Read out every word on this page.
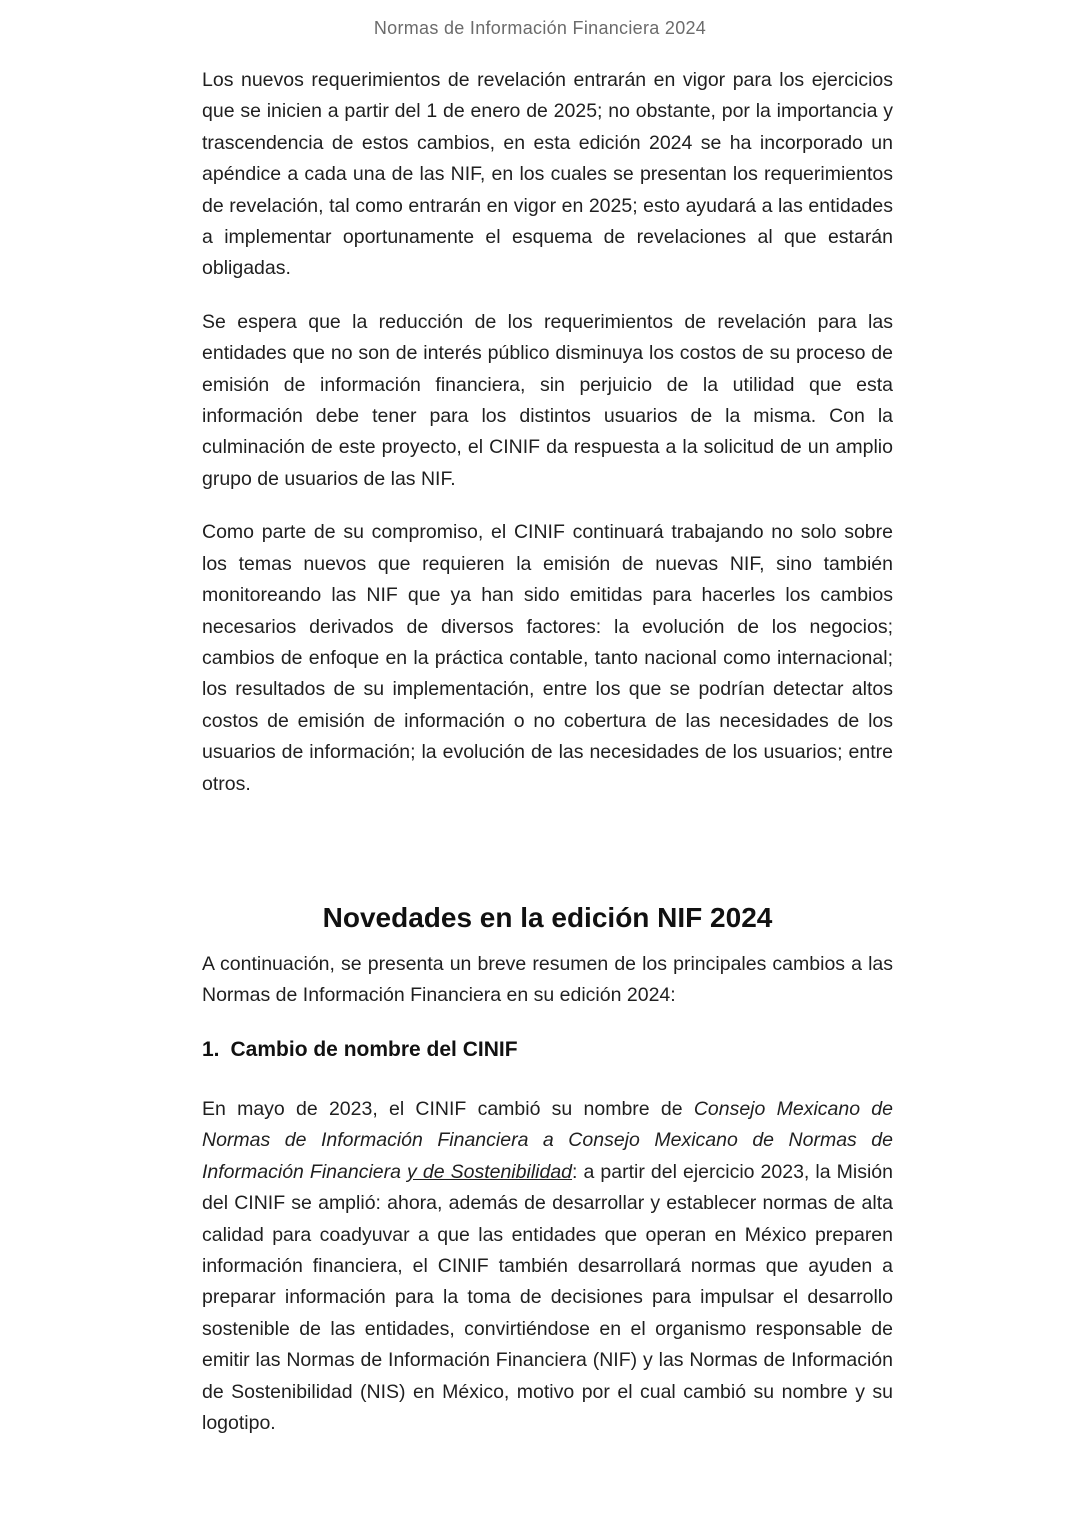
Normas de Información Financiera 2024

Los nuevos requerimientos de revelación entrarán en vigor para los ejercicios que se inicien a partir del 1 de enero de 2025; no obstante, por la importancia y trascendencia de estos cambios, en esta edición 2024 se ha incorporado un apéndice a cada una de las NIF, en los cuales se presentan los requerimientos de revelación, tal como entrarán en vigor en 2025; esto ayudará a las entidades a implementar oportunamente el esquema de revelaciones al que estarán obligadas.

Se espera que la reducción de los requerimientos de revelación para las entidades que no son de interés público disminuya los costos de su proceso de emisión de información financiera, sin perjuicio de la utilidad que esta información debe tener para los distintos usuarios de la misma. Con la culminación de este proyecto, el CINIF da respuesta a la solicitud de un amplio grupo de usuarios de las NIF.

Como parte de su compromiso, el CINIF continuará trabajando no solo sobre los temas nuevos que requieren la emisión de nuevas NIF, sino también monitoreando las NIF que ya han sido emitidas para hacerles los cambios necesarios derivados de diversos factores: la evolución de los negocios; cambios de enfoque en la práctica contable, tanto nacional como internacional; los resultados de su implementación, entre los que se podrían detectar altos costos de emisión de información o no cobertura de las necesidades de los usuarios de información; la evolución de las necesidades de los usuarios; entre otros.

Novedades en la edición NIF 2024

A continuación, se presenta un breve resumen de los principales cambios a las Normas de Información Financiera en su edición 2024:

1. Cambio de nombre del CINIF

En mayo de 2023, el CINIF cambió su nombre de Consejo Mexicano de Normas de Información Financiera a Consejo Mexicano de Normas de Información Financiera y de Sostenibilidad: a partir del ejercicio 2023, la Misión del CINIF se amplió: ahora, además de desarrollar y establecer normas de alta calidad para coadyuvar a que las entidades que operan en México preparen información financiera, el CINIF también desarrollará normas que ayuden a preparar información para la toma de decisiones para impulsar el desarrollo sostenible de las entidades, convirtiéndose en el organismo responsable de emitir las Normas de Información Financiera (NIF) y las Normas de Información de Sostenibilidad (NIS) en México, motivo por el cual cambió su nombre y su logotipo.
